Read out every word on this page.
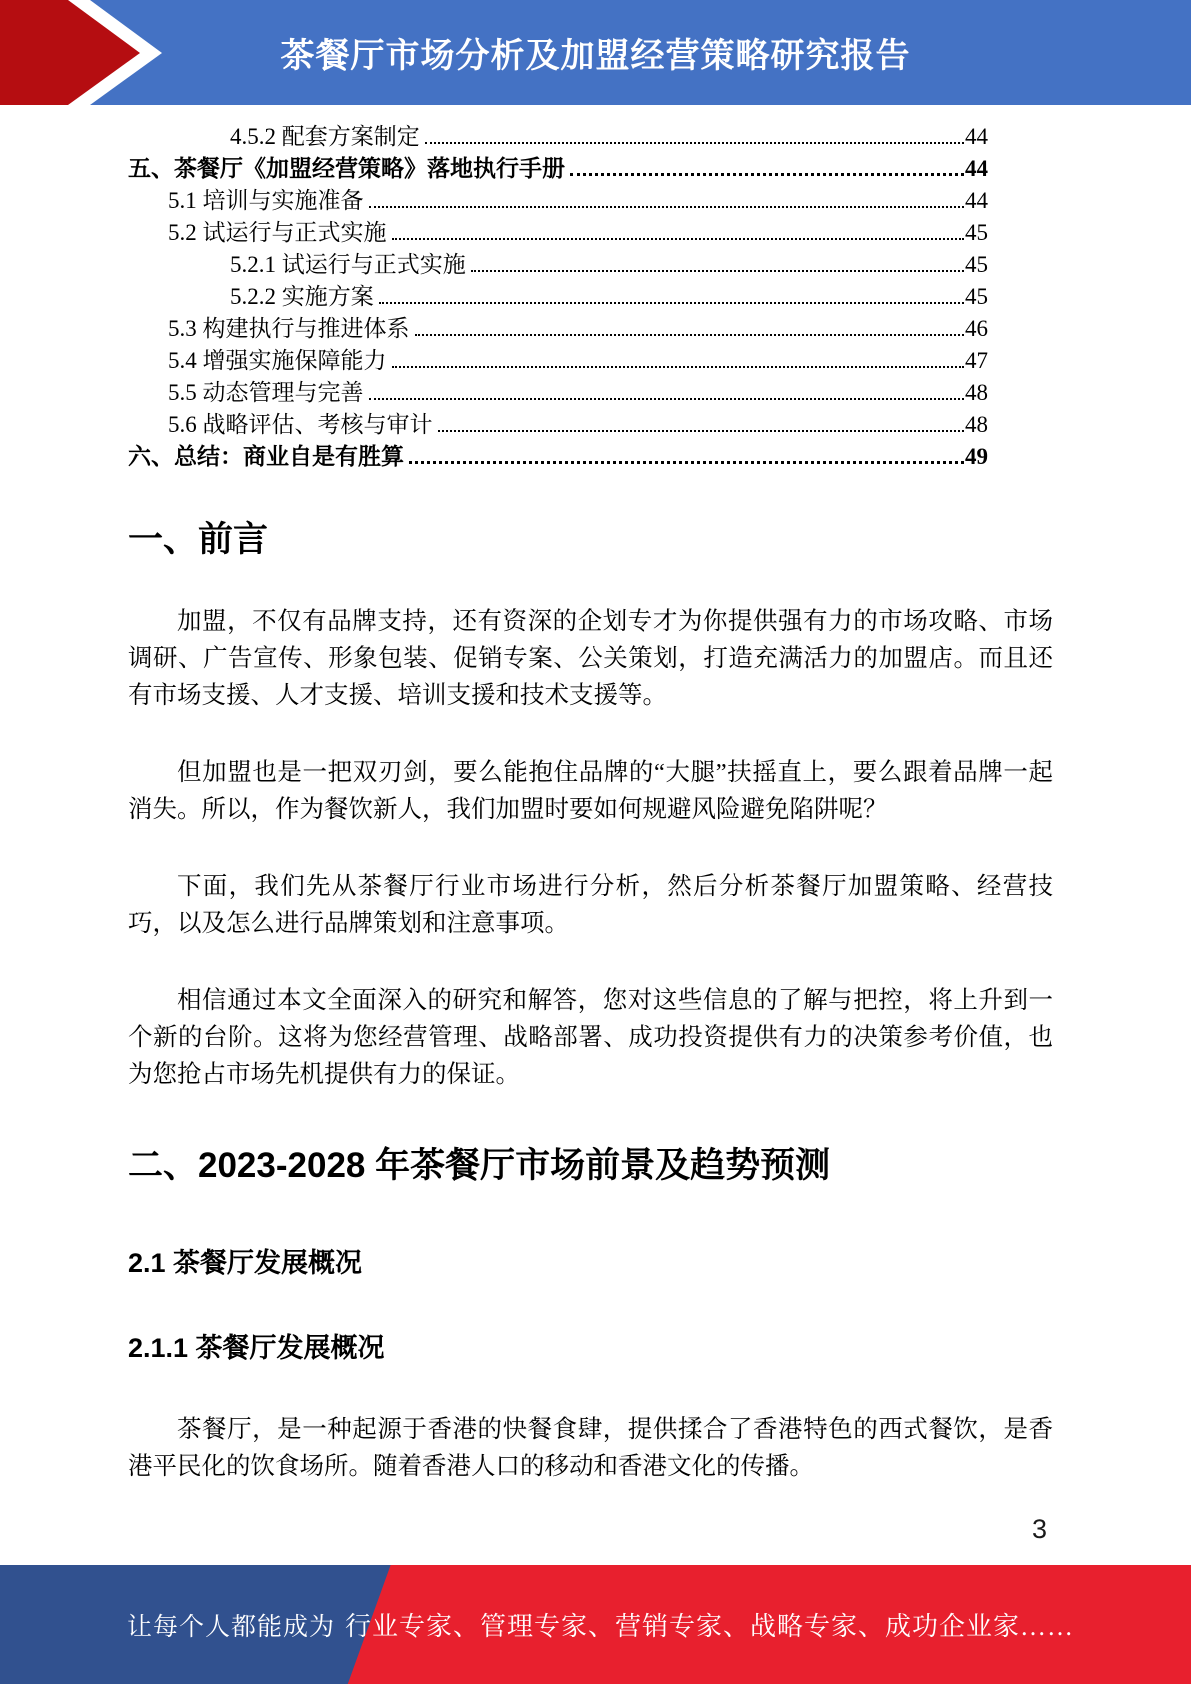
茶餐厅市场分析及加盟经营策略研究报告
4.5.2 配套方案制定	44
五、茶餐厅《加盟经营策略》落地执行手册	44
5.1 培训与实施准备	44
5.2 试运行与正式实施	45
5.2.1 试运行与正式实施	45
5.2.2 实施方案	45
5.3 构建执行与推进体系	46
5.4 增强实施保障能力	47
5.5 动态管理与完善	48
5.6 战略评估、考核与审计	48
六、总结：商业自是有胜算	49
一、前言

加盟，不仅有品牌支持，还有资深的企划专才为你提供强有力的市场攻略、市场调研、广告宣传、形象包装、促销专案、公关策划，打造充满活力的加盟店。而且还有市场支援、人才支援、培训支援和技术支援等。

但加盟也是一把双刃剑，要么能抱住品牌的“大腿”扶摇直上，要么跟着品牌一起消失。所以，作为餐饮新人，我们加盟时要如何规避风险避免陷阱呢？

下面，我们先从茶餐厅行业市场进行分析，然后分析茶餐厅加盟策略、经营技巧，以及怎么进行品牌策划和注意事项。

相信通过本文全面深入的研究和解答，您对这些信息的了解与把控，将上升到一个新的台阶。这将为您经营管理、战略部署、成功投资提供有力的决策参考价值，也为您抢占市场先机提供有力的保证。

二、2023-2028 年茶餐厅市场前景及趋势预测
2.1 茶餐厅发展概况
2.1.1 茶餐厅发展概况

茶餐厅，是一种起源于香港的快餐食肆，提供揉合了香港特色的西式餐饮，是香港平民化的饮食场所。随着香港人口的移动和香港文化的传播。

3
让每个人都能成为 行业专家、管理专家、营销专家、战略专家、成功企业家……
